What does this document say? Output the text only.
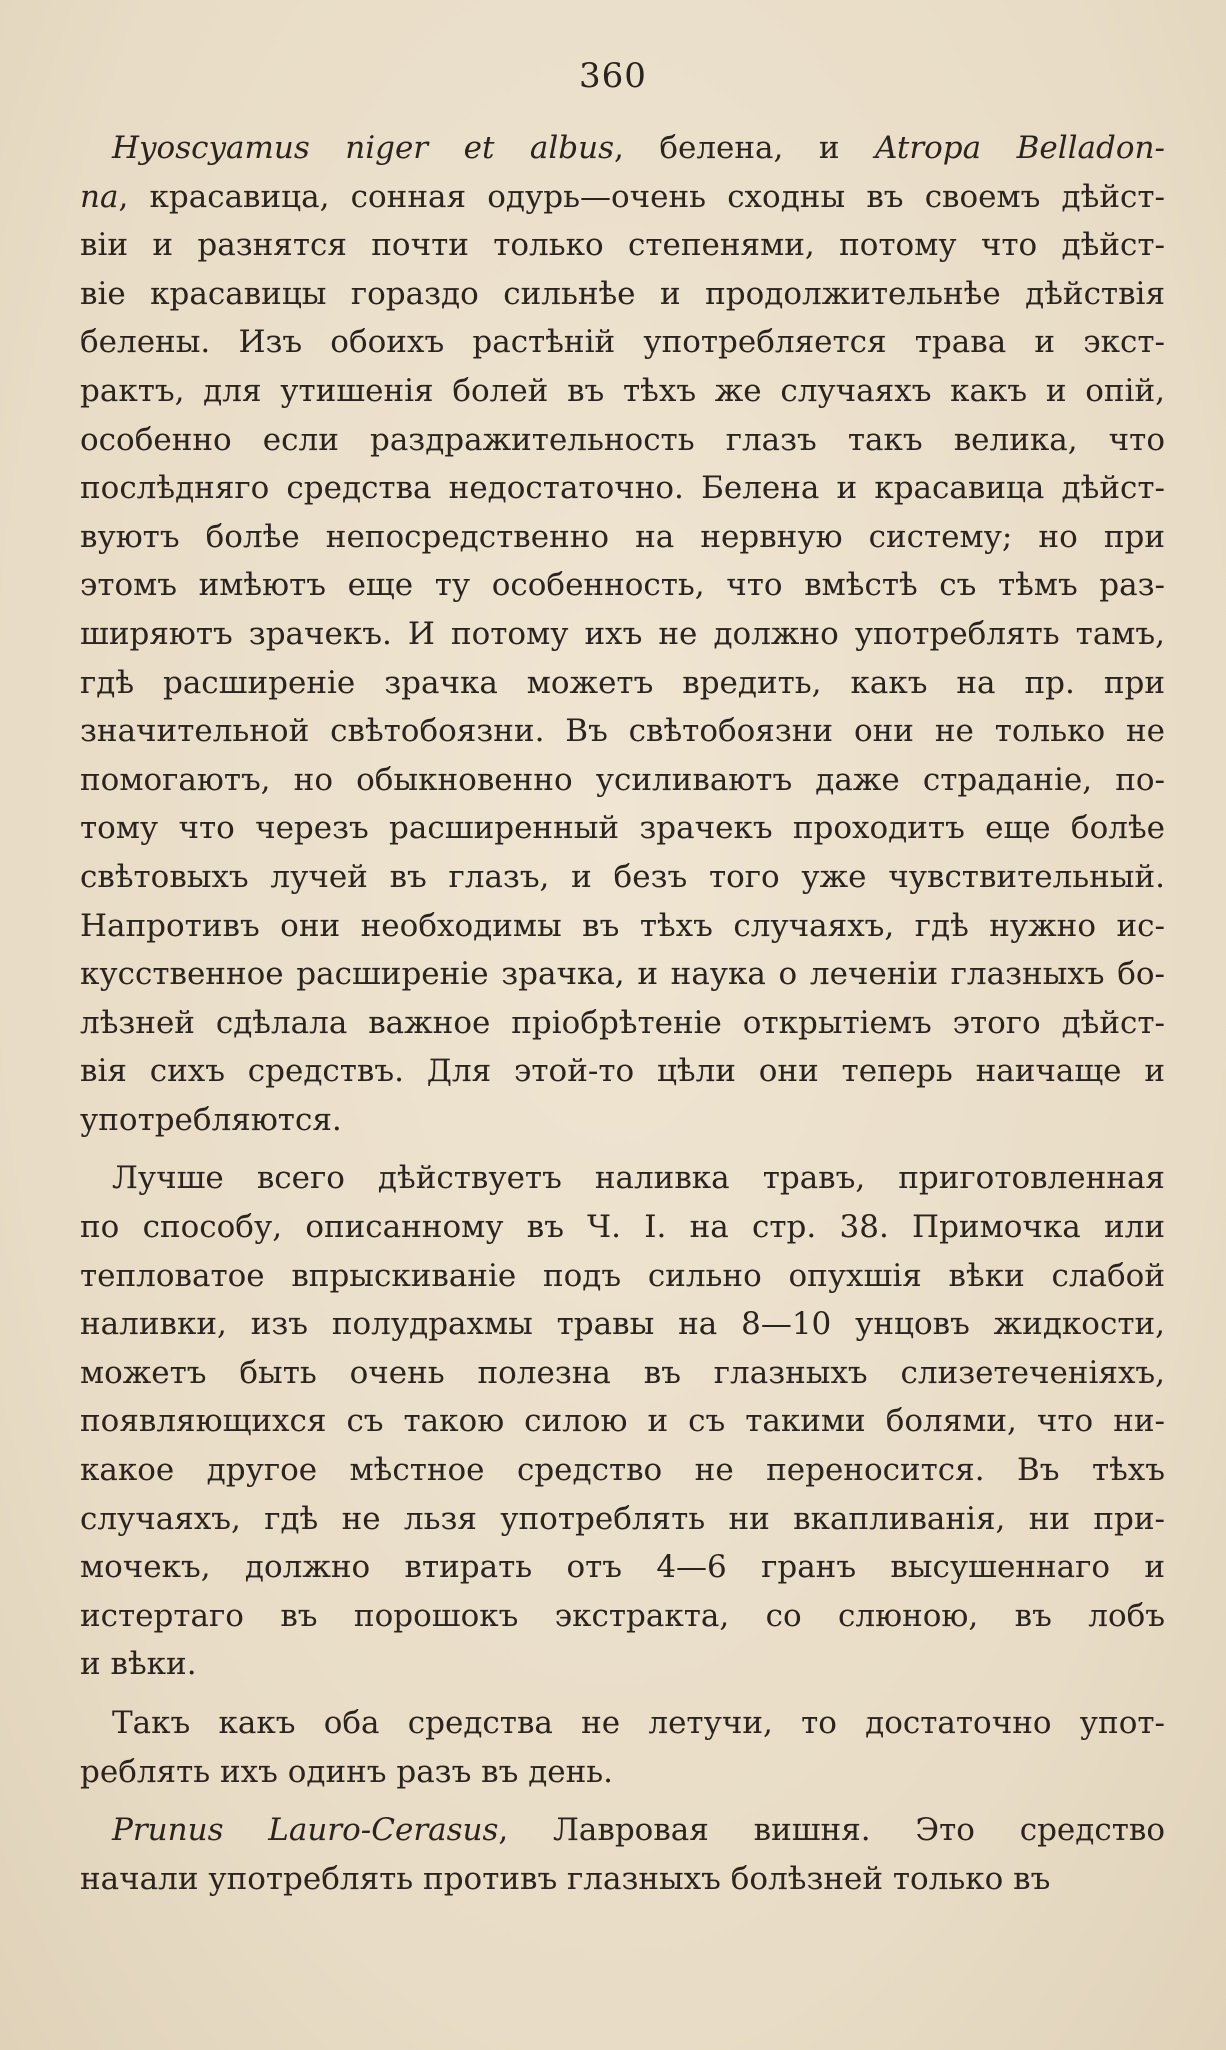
360
Hyoscyamus niger et albus, белена, и Atropa Belladon-
na, красавица, сонная одурь—очень сходны въ своемъ дѣйст-
віи и разнятся почти только степенями, потому что дѣйст-
віе красавицы гораздо сильнѣе и продолжительнѣе дѣйствія
белены. Изъ обоихъ растѣній употребляется трава и экст-
рактъ, для утишенія болей въ тѣхъ же случаяхъ какъ и опій,
особенно если раздражительность глазъ такъ велика, что
послѣдняго средства недостаточно. Белена и красавица дѣйст-
вуютъ болѣе непосредственно на нервную систему; но при
этомъ имѣютъ еще ту особенность, что вмѣстѣ съ тѣмъ раз-
ширяютъ зрачекъ. И потому ихъ не должно употреблять тамъ,
гдѣ расширеніе зрачка можетъ вредить, какъ на пр. при
значительной свѣтобоязни. Въ свѣтобоязни они не только не
помогаютъ, но обыкновенно усиливаютъ даже страданіе, по-
тому что черезъ расширенный зрачекъ проходитъ еще болѣе
свѣтовыхъ лучей въ глазъ, и безъ того уже чувствительный.
Напротивъ они необходимы въ тѣхъ случаяхъ, гдѣ нужно ис-
кусственное расширеніе зрачка, и наука о леченіи глазныхъ бо-
лѣзней сдѣлала важное пріобрѣтеніе открытіемъ этого дѣйст-
вія сихъ средствъ. Для этой-то цѣли они теперь наичаще и
употребляются.
Лучше всего дѣйствуетъ наливка травъ, приготовленная
по способу, описанному въ Ч. I. на стр. 38. Примочка или
тепловатое впрыскиваніе подъ сильно опухшія вѣки слабой
наливки, изъ полудрахмы травы на 8—10 унцовъ жидкости,
можетъ быть очень полезна въ глазныхъ слизетеченіяхъ,
появляющихся съ такою силою и съ такими болями, что ни-
какое другое мѣстное средство не переносится. Въ тѣхъ
случаяхъ, гдѣ не льзя употреблять ни вкапливанія, ни при-
мочекъ, должно втирать отъ 4—6 гранъ высушеннаго и
истертаго въ порошокъ экстракта, со слюною, въ лобъ
и вѣки.
Такъ какъ оба средства не летучи, то достаточно упот-
реблять ихъ одинъ разъ въ день.
Prunus Lauro-Cerasus, Лавровая вишня. Это средство
начали употреблять противъ глазныхъ болѣзней только въ
